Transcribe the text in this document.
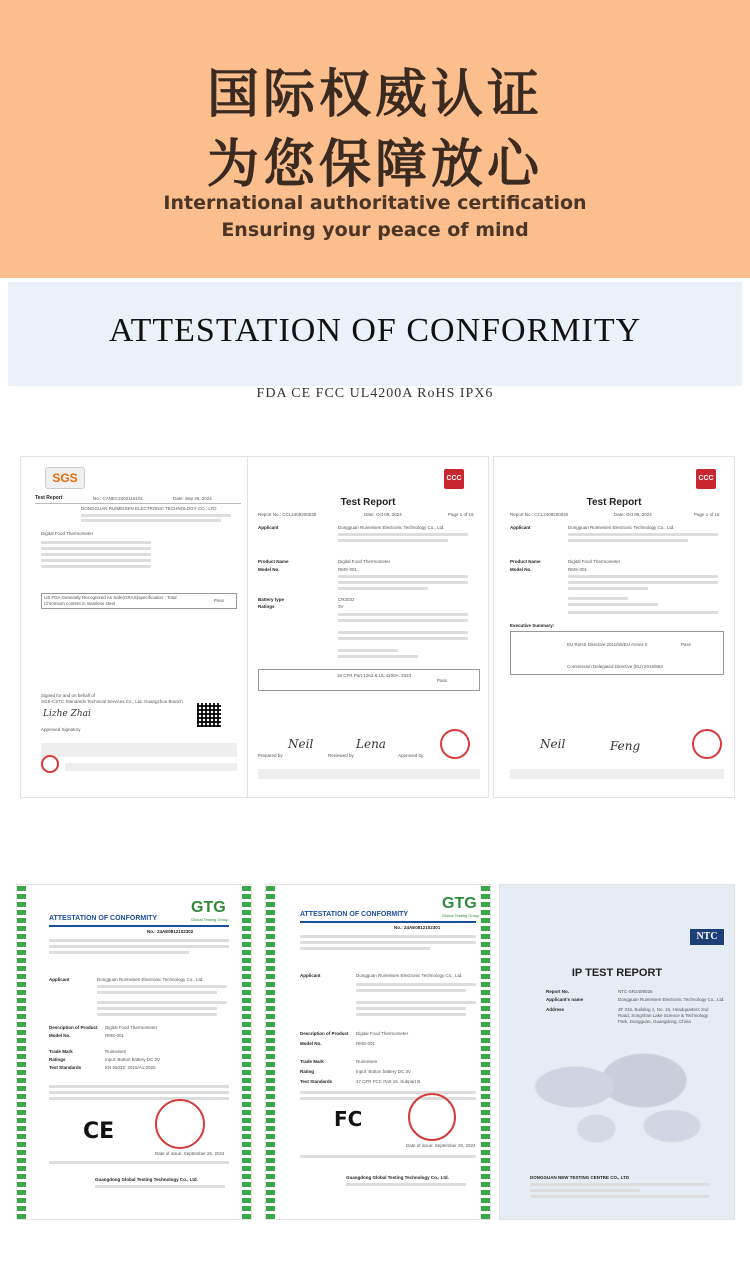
国际权威认证
为您保障放心
International authoritative certification
Ensuring your peace of mind
ATTESTATION OF CONFORMITY
FDA CE FCC UL4200A RoHS IPX6
SGS
Test Report	No.: CANEC2402116101	Date: Sep 26, 2024
DONGGUAN RUIMEISEN ELECTRONIC TECHNOLOGY CO., LTD
Digital Food Thermometer
US FDA Generally Recognized As Safe(GRAS)specification - Total Chromium content in stainless steel
Pass
Signed for and on behalf of
SGS-CSTC Standards Technical Services Co., Ltd. Guangzhou Branch
Lizhe Zhai
Approved Signatory
CCC
Test Report
Report No.: CCL2409200030	Date: Oct 09, 2024	Page 1 of 16
Applicant	Dongguan Ruimeisen Electronic Technology Co., Ltd.
Product Name	Digital Food Thermometer
Model No.	RMS-001
Battery type	CR2032
Ratings	3V
16 CFR Part 1263 & UL 4200A: 2023
Pass
Prepared by
Neil
Reviewed by
Lena
Approved by
CCC
Test Report
Report No.: CCL2409200040	Date: Oct 09, 2024	Page 1 of 16
Applicant	Dongguan Ruimeisen Electronic Technology Co., Ltd.
Product Name	Digital Food Thermometer
Model No.	RMS-001
Executive Summary:
EU RoHS Directive 2011/65/EU Annex II
Commission Delegated Directive (EU) 2015/863
Pass
Neil	Feng
GTG
Global Testing Group
ATTESTATION OF CONFORMITY
No.: 24AE0812102302
Applicant	Dongguan Ruimeisen Electronic Technology Co., Ltd.
Description of Product Digital Food Thermometer
Model No.	RMS-001
Trade Mark	Ruimeisen
Ratings	Input: Button battery DC 3V
Test Standards	EN 55032: 2015/A1:2020
CE
Date of issue: September 26, 2024
Guangdong Global Testing Technology Co., Ltd.
GTG
Global Testing Group
ATTESTATION OF CONFORMITY
No.: 24AE0812102301
Applicant	Dongguan Ruimeisen Electronic Technology Co., Ltd.
Description of Product Digital Food Thermometer
Model No.	RMS-001
Trade Mark	Ruimeisen
Rating	Input: Button battery DC 3V
Test Standards	47 CFR FCC Part 15, Subpart B
FC
Date of issue: September 26, 2024
Guangdong Global Testing Technology Co., Ltd.
NTC
IP TEST REPORT
Report No.	NTC-SR2409026
Applicant's name	Dongguan Ruimeisen Electronic Technology Co., Ltd.
Address	3F 315, Building 1, No. 15, Headquarters 2nd Road, Songshan Lake Science & Technology Park, Dongguan, Guangdong, China
DONGGUAN NEW TESTING CENTRE CO., LTD
